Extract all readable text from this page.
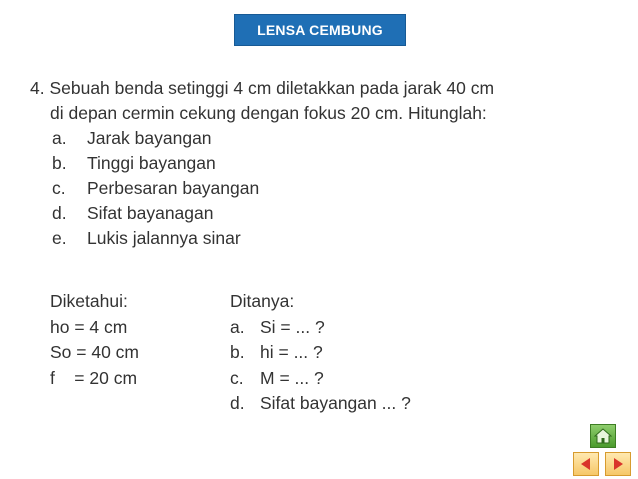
LENSA CEMBUNG
4. Sebuah benda setinggi 4 cm diletakkan pada jarak 40 cm
di depan cermin cekung dengan fokus 20 cm. Hitunglah:
a.	Jarak bayangan
b.	Tinggi bayangan
c.	Perbesaran bayangan
d.	Sifat bayanagan
e.	Lukis jalannya sinar
Diketahui:
ho = 4 cm
So = 40 cm
f    = 20 cm
Ditanya:
a. Si = ... ?
b. hi = ... ?
c. M = ... ?
d. Sifat bayangan ... ?
